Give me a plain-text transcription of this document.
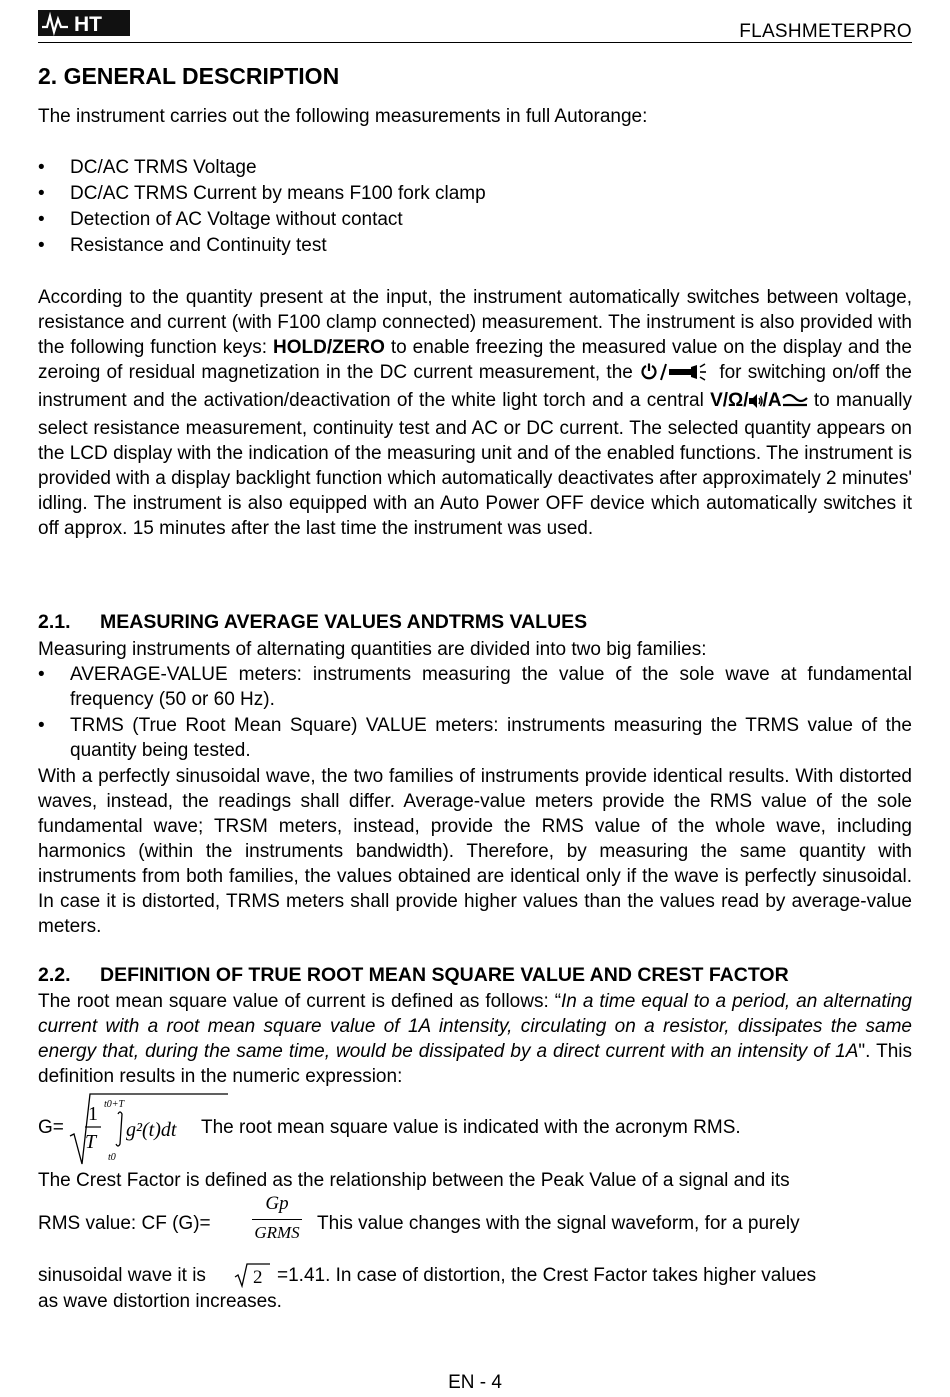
HT	FLASHMETERPRO
2. GENERAL DESCRIPTION
The instrument carries out the following measurements in full Autorange:
•	DC/AC TRMS Voltage
•	DC/AC TRMS Current by means F100 fork clamp
•	Detection of AC Voltage without contact
•	Resistance and Continuity test
According to the quantity present at the input, the instrument automatically switches between voltage, resistance and current (with F100 clamp connected) measurement. The instrument is also provided with the following function keys: HOLD/ZERO to enable freezing the measured value on the display and the zeroing of residual magnetization in the DC current measurement, the	for switching on/off the instrument and the activation/deactivation of the white light torch and a central V/Ω/ /A to manually select resistance measurement, continuity test and AC or DC current. The selected quantity appears on the LCD display with the indication of the measuring unit and of the enabled functions. The instrument is provided with a display backlight function which automatically deactivates after approximately 2 minutes' idling. The instrument is also equipped with an Auto Power OFF device which automatically switches it off approx. 15 minutes after the last time the instrument was used.
2.1. MEASURING AVERAGE VALUES ANDTRMS VALUES
Measuring instruments of alternating quantities are divided into two big families:
•	AVERAGE-VALUE meters: instruments measuring the value of the sole wave at fundamental frequency (50 or 60 Hz).
•	TRMS (True Root Mean Square) VALUE meters: instruments measuring the TRMS value of the quantity being tested.
With a perfectly sinusoidal wave, the two families of instruments provide identical results. With distorted waves, instead, the readings shall differ. Average-value meters provide the RMS value of the sole fundamental wave; TRSM meters, instead, provide the RMS value of the whole wave, including harmonics (within the instruments bandwidth). Therefore, by measuring the same quantity with instruments from both families, the values obtained are identical only if the wave is perfectly sinusoidal. In case it is distorted, TRMS meters shall provide higher values than the values read by average-value meters.
2.2. DEFINITION OF TRUE ROOT MEAN SQUARE VALUE AND CREST FACTOR
The root mean square value of current is defined as follows: “In a time equal to a period, an alternating current with a root mean square value of 1A intensity, circulating on a resistor, dissipates the same energy that, during the same time, would be dissipated by a direct current with an intensity of 1A". This definition results in the numeric expression:
G=
1
T
t0+T
g²(t)dt
t0
The root mean square value is indicated with the acronym RMS.
The Crest Factor is defined as the relationship between the Peak Value of a signal and its
RMS value: CF (G)=
Gp
GRMS This value changes with the signal waveform, for a purely
sinusoidal wave it is 2 =1.41. In case of distortion, the Crest Factor takes higher values
as wave distortion increases.
EN - 4
